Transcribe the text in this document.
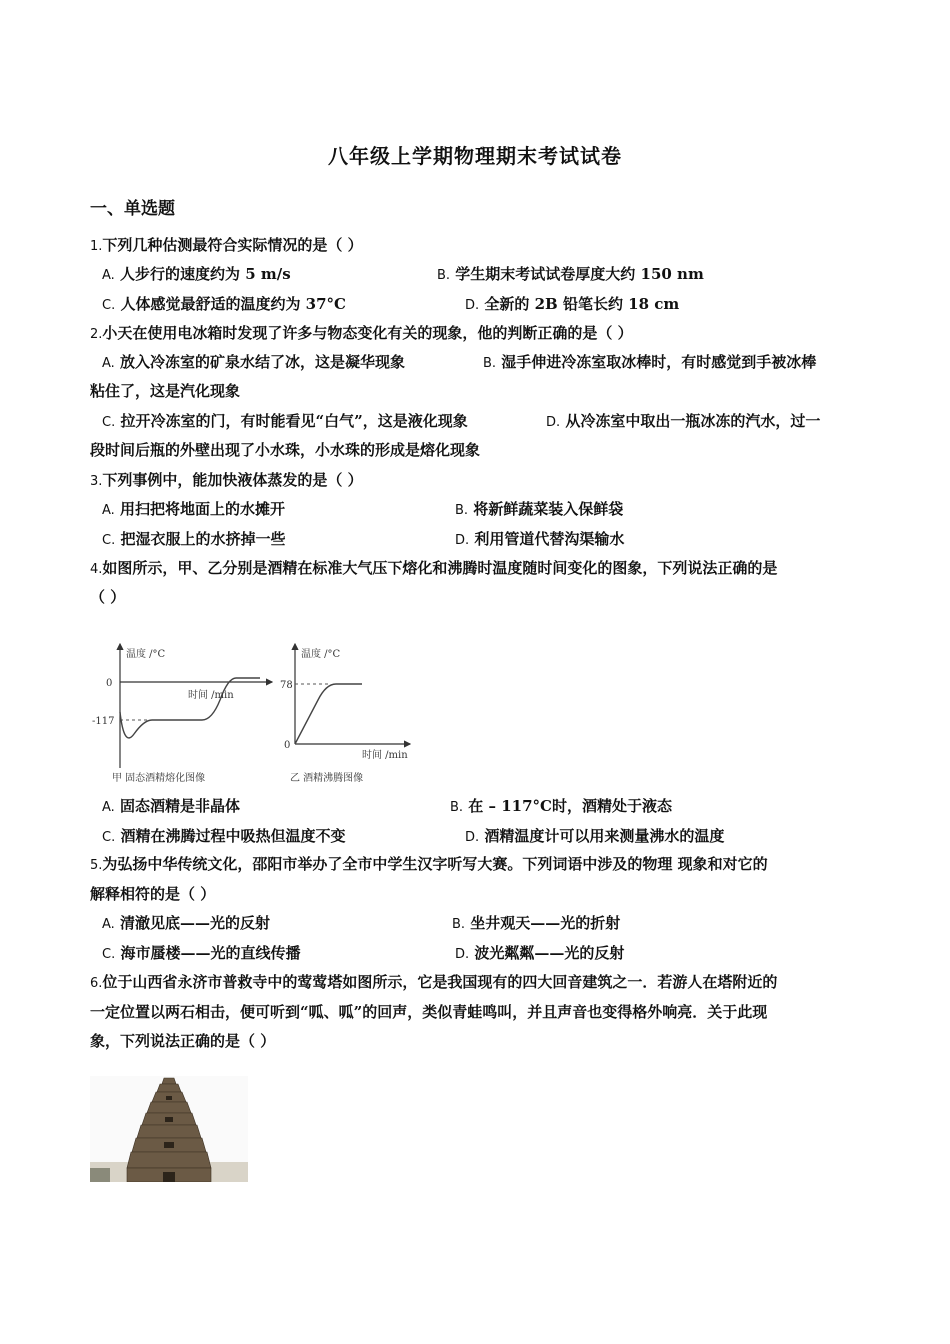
八年级上学期物理期末考试试卷
一、单选题
1.下列几种估测最符合实际情况的是（ ）
A. 人步行的速度约为 5 m/s	B. 学生期末考试试卷厚度大约 150 nm
C. 人体感觉最舒适的温度约为 37°C	D. 全新的 2B 铅笔长约 18 cm
2.小天在使用电冰箱时发现了许多与物态变化有关的现象，他的判断正确的是（ ）
A. 放入冷冻室的矿泉水结了冰，这是凝华现象	B. 湿手伸进冷冻室取冰棒时，有时感觉到手被冰棒
粘住了，这是汽化现象
C. 拉开冷冻室的门，有时能看见“白气”，这是液化现象	D. 从冷冻室中取出一瓶冰冻的汽水，过一
段时间后瓶的外壁出现了小水珠，小水珠的形成是熔化现象
3.下列事例中，能加快液体蒸发的是（ ）
A. 用扫把将地面上的水摊开	B. 将新鲜蔬菜装入保鲜袋
C. 把湿衣服上的水挤掉一些	D. 利用管道代替沟渠输水
4.如图所示，甲、乙分别是酒精在标准大气压下熔化和沸腾时温度随时间变化的图象，下列说法正确的是
（ ）
温度 /°C
时间 /min
0
-117
甲 固态酒精熔化图像
温度 /°C
时间 /min
78
0
乙 酒精沸腾图像
A. 固态酒精是非晶体	B. 在 – 117°C时，酒精处于液态
C. 酒精在沸腾过程中吸热但温度不变	D. 酒精温度计可以用来测量沸水的温度
5.为弘扬中华传统文化，邵阳市举办了全市中学生汉字听写大赛。下列词语中涉及的物理 现象和对它的
解释相符的是（ ）
A. 清澈见底——光的反射	B. 坐井观天——光的折射
C. 海市蜃楼——光的直线传播	D. 波光粼粼——光的反射
6.位于山西省永济市普救寺中的莺莺塔如图所示，它是我国现有的四大回音建筑之一．若游人在塔附近的
一定位置以两石相击，便可听到“呱、呱”的回声，类似青蛙鸣叫，并且声音也变得格外响亮．关于此现
象，下列说法正确的是（ ）
